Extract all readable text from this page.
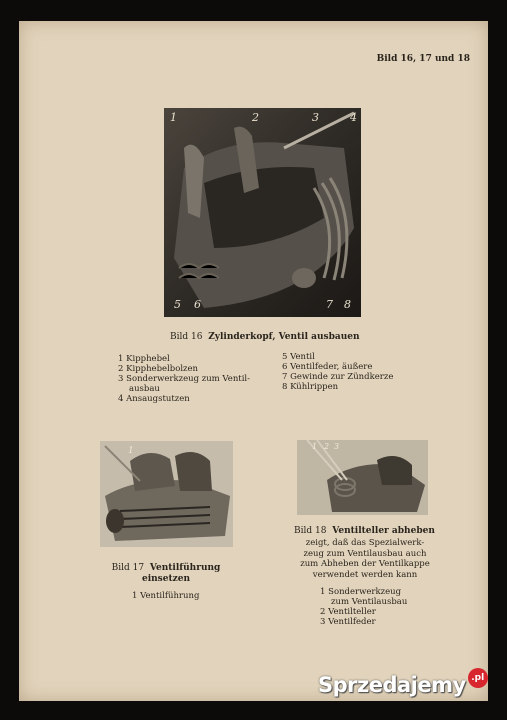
Bild 16, 17 und 18
1	2	3	4
5 6	7 8
Bild 16 Zylinderkopf, Ventil ausbauen
1 Kipphebel
2 Kipphebelbolzen
3 Sonderwerkzeug zum Ventil-
ausbau
4 Ansaugstutzen
5 Ventil
6 Ventilfeder, äußere
7 Gewinde zur Zündkerze
8 Kühlrippen
1
Bild 17 Ventilführung
einsetzen
1 Ventilführung
1 2 3
Bild 18 Ventilteller abheben
zeigt, daß das Spezialwerk-
zeug zum Ventilausbau auch
zum Abheben der Ventilkappe
verwendet werden kann
1 Sonderwerkzeug
zum Ventilausbau
2 Ventilteller
3 Ventilfeder
Sprzedajemy .pl
